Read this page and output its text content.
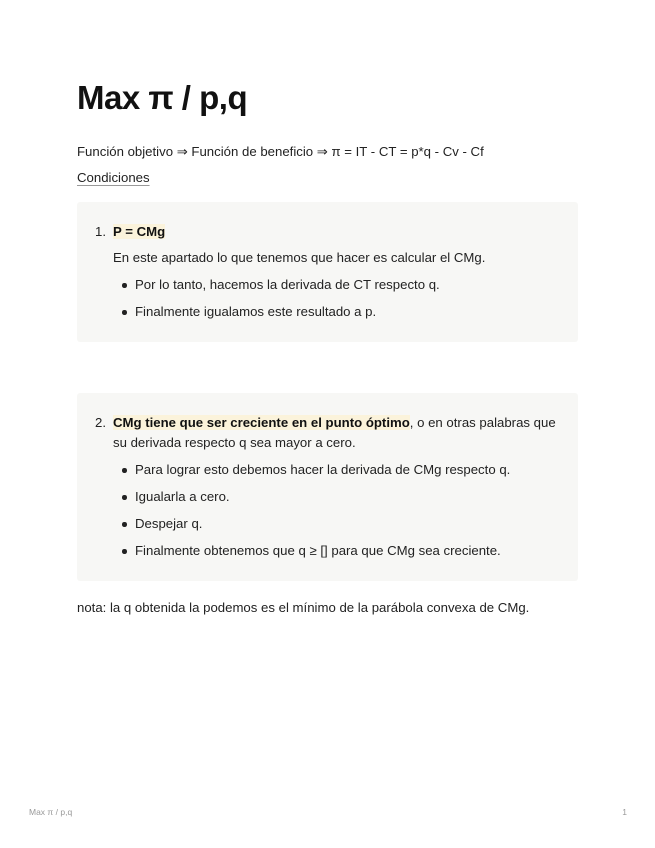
Max π / p,q
Función objetivo ⇒ Función de beneficio ⇒ π = IT - CT = p*q - Cv - Cf
Condiciones
1. P = CMg
En este apartado lo que tenemos que hacer es calcular el CMg.
Por lo tanto, hacemos la derivada de CT respecto q.
Finalmente igualamos este resultado a p.
2. CMg tiene que ser creciente en el punto óptimo, o en otras palabras que su derivada respecto q sea mayor a cero.
Para lograr esto debemos hacer la derivada de CMg respecto q.
Igualarla a cero.
Despejar q.
Finalmente obtenemos que q ≥ [] para que CMg sea creciente.
nota: la q obtenida la podemos es el mínimo de la parábola convexa de CMg.
Max π / p,q	1
